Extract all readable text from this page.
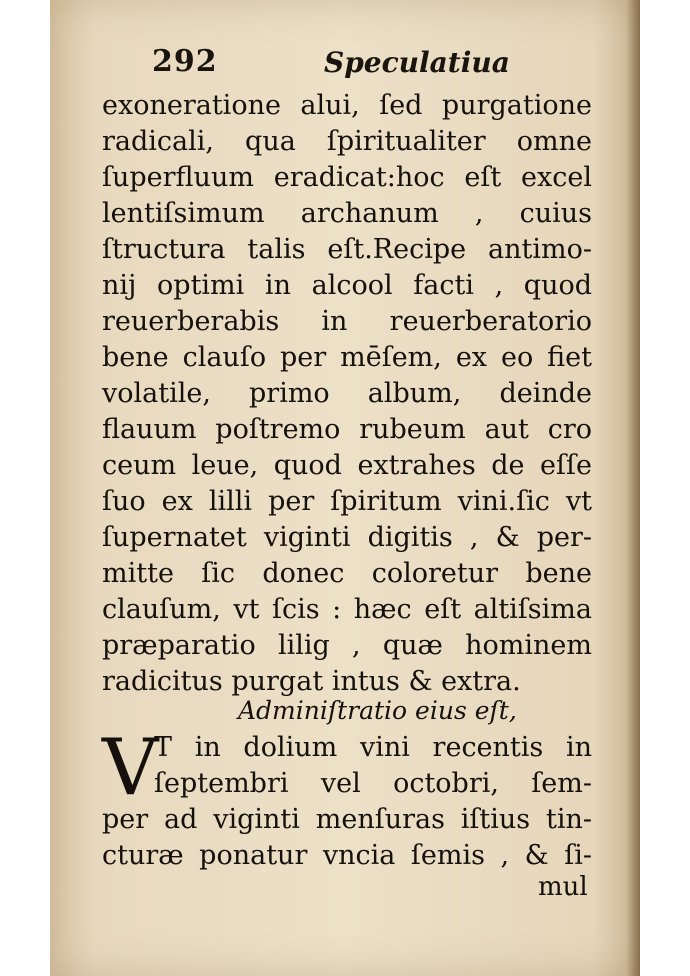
292	Speculatiua
exoneratione alui, ſed purgatione
radicali, qua ſpiritualiter omne
ſuperfluum eradicat:hoc eſt excel
lentiſsimum archanum , cuius
ſtructura talis eſt.Recipe antimo-
nij optimi in alcool facti , quod
reuerberabis in reuerberatorio
bene clauſo per mēſem, ex eo fiet
volatile, primo album, deinde
flauum poſtremo rubeum aut cro
ceum leue, quod extrahes de eſſe
ſuo ex lilli per ſpiritum vini.ſic vt
ſupernatet viginti digitis , & per-
mitte ſic donec coloretur bene
clauſum, vt ſcis : hæc eſt altiſsima
præparatio lilig , quæ hominem
radicitus purgat intus & extra.
Adminiſtratio eius eſt,
V
T in dolium vini recentis in
ſeptembri vel octobri, ſem-
per ad viginti menſuras iſtius tin-
cturæ ponatur vncia ſemis , & ſi-
mul
